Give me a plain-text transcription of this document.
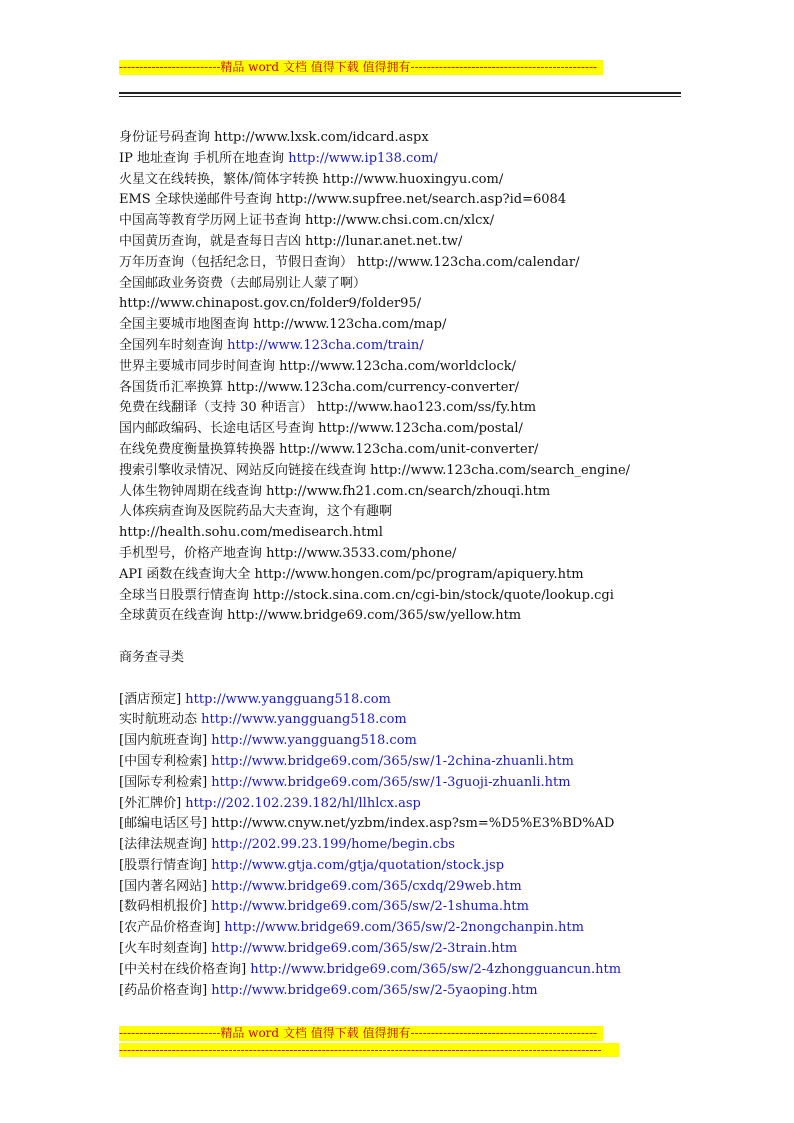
-------------------------精品 word 文档 值得下载 值得拥有----------------------------------------------
身份证号码查询 http://www.lxsk.com/idcard.aspx
IP 地址查询 手机所在地查询 http://www.ip138.com/
火星文在线转换，繁体/简体字转换 http://www.huoxingyu.com/
EMS 全球快递邮件号查询 http://www.supfree.net/search.asp?id=6084
中国高等教育学历网上证书查询 http://www.chsi.com.cn/xlcx/
中国黄历查询，就是查每日吉凶 http://lunar.anet.net.tw/
万年历查询（包括纪念日，节假日查询） http://www.123cha.com/calendar/
全国邮政业务资费（去邮局别让人蒙了啊）
http://www.chinapost.gov.cn/folder9/folder95/
全国主要城市地图查询 http://www.123cha.com/map/
全国列车时刻查询 http://www.123cha.com/train/
世界主要城市同步时间查询 http://www.123cha.com/worldclock/
各国货币汇率换算 http://www.123cha.com/currency-converter/
免费在线翻译（支持 30 种语言） http://www.hao123.com/ss/fy.htm
国内邮政编码、长途电话区号查询 http://www.123cha.com/postal/
在线免费度衡量换算转换器 http://www.123cha.com/unit-converter/
搜索引擎收录情况、网站反向链接在线查询 http://www.123cha.com/search_engine/
人体生物钟周期在线查询 http://www.fh21.com.cn/search/zhouqi.htm
人体疾病查询及医院药品大夫查询，这个有趣啊
http://health.sohu.com/medisearch.html
手机型号，价格产地查询 http://www.3533.com/phone/
API 函数在线查询大全 http://www.hongen.com/pc/program/apiquery.htm
全球当日股票行情查询 http://stock.sina.com.cn/cgi-bin/stock/quote/lookup.cgi
全球黄页在线查询 http://www.bridge69.com/365/sw/yellow.htm
商务查寻类
[酒店预定] http://www.yangguang518.com
实时航班动态 http://www.yangguang518.com
[国内航班查询] http://www.yangguang518.com
[中国专利检索] http://www.bridge69.com/365/sw/1-2china-zhuanli.htm
[国际专利检索] http://www.bridge69.com/365/sw/1-3guoji-zhuanli.htm
[外汇牌价] http://202.102.239.182/hl/llhlcx.asp
[邮编电话区号] http://www.cnyw.net/yzbm/index.asp?sm=%D5%E3%BD%AD
[法律法规查询] http://202.99.23.199/home/begin.cbs
[股票行情查询] http://www.gtja.com/gtja/quotation/stock.jsp
[国内著名网站] http://www.bridge69.com/365/cxdq/29web.htm
[数码相机报价] http://www.bridge69.com/365/sw/2-1shuma.htm
[农产品价格查询] http://www.bridge69.com/365/sw/2-2nongchanpin.htm
[火车时刻查询] http://www.bridge69.com/365/sw/2-3train.htm
[中关村在线价格查询] http://www.bridge69.com/365/sw/2-4zhongguancun.htm
[药品价格查询] http://www.bridge69.com/365/sw/2-5yaoping.htm
-------------------------精品 word 文档 值得下载 值得拥有----------------------------------------------
-----------------------------------------------------------------------------------------------------------------------
